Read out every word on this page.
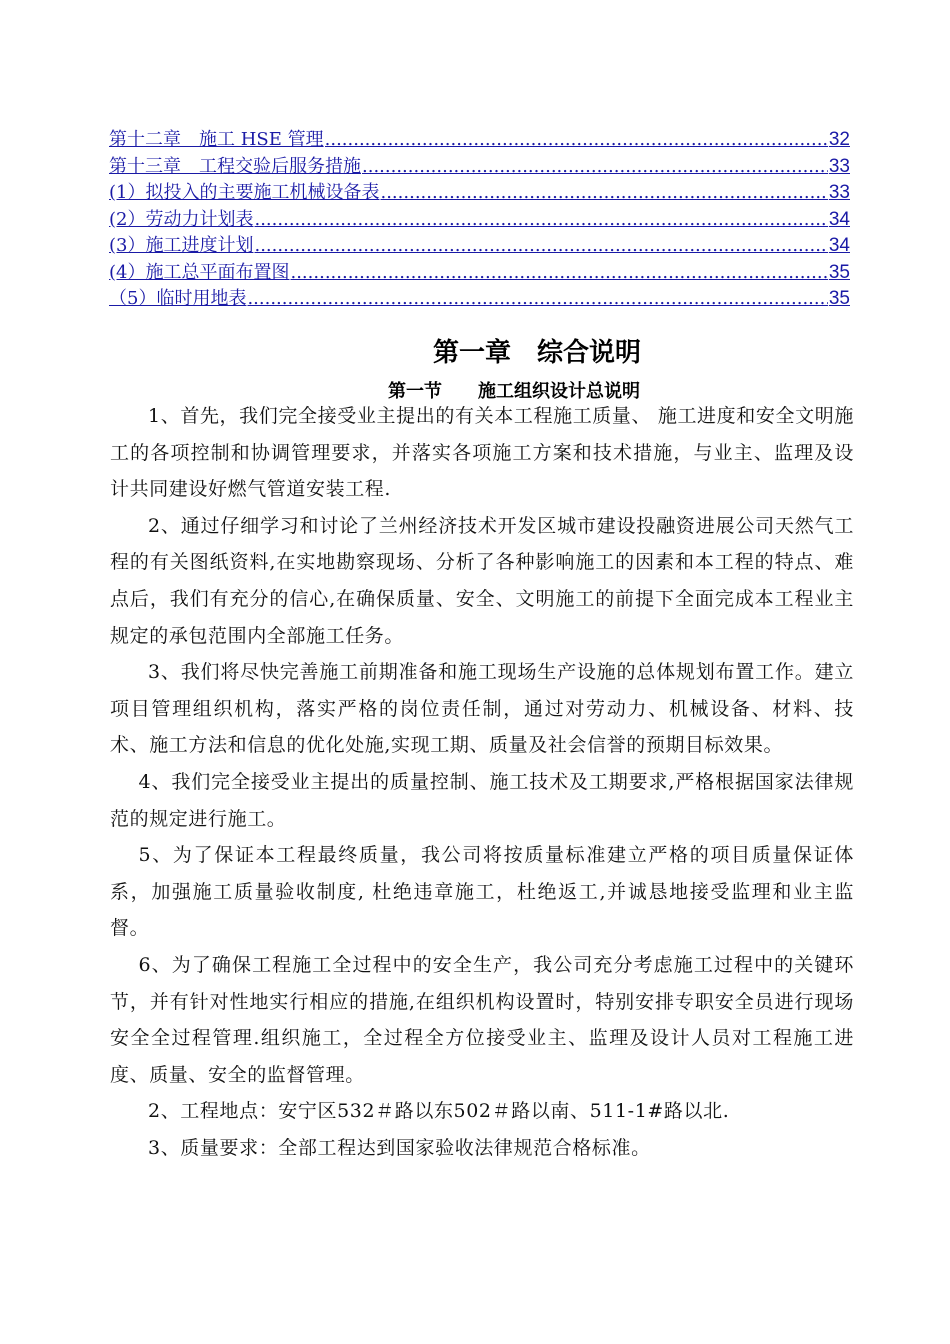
第十二章　施工 HSE 管理 .....	32
第十三章　工程交验后服务措施 .....	33
(1）拟投入的主要施工机械设备表 .....	33
(2）劳动力计划表 .....	34
(3）施工进度计划 .....	34
(4）施工总平面布置图 .....	35
（5）临时用地表 .....	35
第一章　综合说明
第一节　　施工组织设计总说明

1、首先，我们完全接受业主提出的有关本工程施工质量、 施工进度和安全文明施工的各项控制和协调管理要求，并落实各项施工方案和技术措施，与业主、监理及设计共同建设好燃气管道安装工程.

2、通过仔细学习和讨论了兰州经济技术开发区城市建设投融资进展公司天然气工程的有关图纸资料,在实地勘察现场、分析了各种影响施工的因素和本工程的特点、难点后，我们有充分的信心,在确保质量、安全、文明施工的前提下全面完成本工程业主规定的承包范围内全部施工任务。

3、我们将尽快完善施工前期准备和施工现场生产设施的总体规划布置工作。建立项目管理组织机构，落实严格的岗位责任制，通过对劳动力、机械设备、材料、技术、施工方法和信息的优化处施,实现工期、质量及社会信誉的预期目标效果。

4、我们完全接受业主提出的质量控制、施工技术及工期要求,严格根据国家法律规范的规定进行施工。

5、为了保证本工程最终质量，我公司将按质量标准建立严格的项目质量保证体系，加强施工质量验收制度, 杜绝违章施工，杜绝返工,并诚恳地接受监理和业主监督。

6、为了确保工程施工全过程中的安全生产，我公司充分考虑施工过程中的关键环节，并有针对性地实行相应的措施,在组织机构设置时，特别安排专职安全员进行现场安全全过程管理.组织施工，全过程全方位接受业主、监理及设计人员对工程施工进度、质量、安全的监督管理。

2、工程地点：安宁区532＃路以东502＃路以南、511-1#路以北.

3、质量要求：全部工程达到国家验收法律规范合格标准。
